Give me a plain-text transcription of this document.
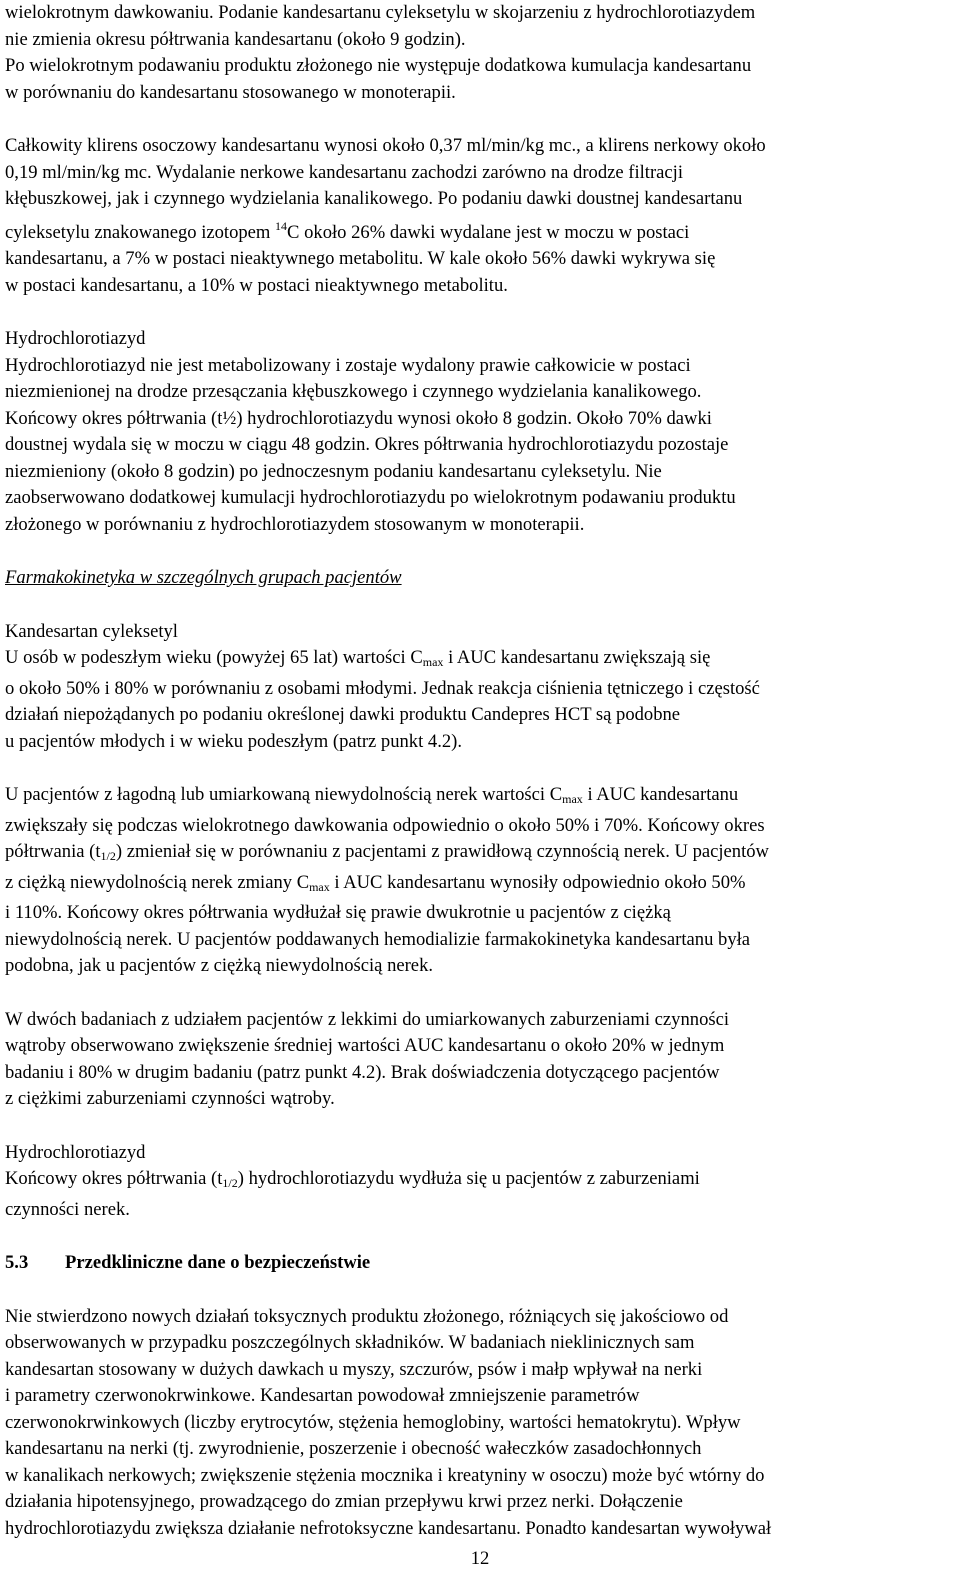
wielokrotnym dawkowaniu. Podanie kandesartanu cyleksetylu w skojarzeniu z hydrochlorotiazydem
nie zmienia okresu półtrwania kandesartanu (około 9 godzin).
Po wielokrotnym podawaniu produktu złożonego nie występuje dodatkowa kumulacja kandesartanu
w porównaniu do kandesartanu stosowanego w monoterapii.

Całkowity klirens osoczowy kandesartanu wynosi około 0,37 ml/min/kg mc., a klirens nerkowy około
0,19 ml/min/kg mc. Wydalanie nerkowe kandesartanu zachodzi zarówno na drodze filtracji
kłębuszkowej, jak i czynnego wydzielania kanalikowego. Po podaniu dawki doustnej kandesartanu
cyleksetylu znakowanego izotopem $^{14}$C około 26% dawki wydalane jest w moczu w postaci
kandesartanu, a 7% w postaci nieaktywnego metabolitu. W kale około 56% dawki wykrywa się
w postaci kandesartanu, a 10% w postaci nieaktywnego metabolitu.

Hydrochlorotiazyd
Hydrochlorotiazyd nie jest metabolizowany i zostaje wydalony prawie całkowicie w postaci
niezmienionej na drodze przesączania kłębuszkowego i czynnego wydzielania kanalikowego.
Końcowy okres półtrwania (t½) hydrochlorotiazydu wynosi około 8 godzin. Około 70% dawki
doustnej wydala się w moczu w ciągu 48 godzin. Okres półtrwania hydrochlorotiazydu pozostaje
niezmieniony (około 8 godzin) po jednoczesnym podaniu kandesartanu cyleksetylu. Nie
zaobserwowano dodatkowej kumulacji hydrochlorotiazydu po wielokrotnym podawaniu produktu
złożonego w porównaniu z hydrochlorotiazydem stosowanym w monoterapii.

Farmakokinetyka w szczególnych grupach pacjentów

Kandesartan cyleksetyl
U osób w podeszłym wieku (powyżej 65 lat) wartości $C_{max}$ i AUC kandesartanu zwiększają się
o około 50% i 80% w porównaniu z osobami młodymi. Jednak reakcja ciśnienia tętniczego i częstość
działań niepożądanych po podaniu określonej dawki produktu Candepres HCT są podobne
u pacjentów młodych i w wieku podeszłym (patrz punkt 4.2).

U pacjentów z łagodną lub umiarkowaną niewydolnością nerek wartości $C_{max}$ i AUC kandesartanu
zwiększały się podczas wielokrotnego dawkowania odpowiednio o około 50% i 70%. Końcowy okres
półtrwania $(t_{1/2})$ zmieniał się w porównaniu z pacjentami z prawidłową czynnością nerek. U pacjentów
z ciężką niewydolnością nerek zmiany $C_{max}$ i AUC kandesartanu wynosiły odpowiednio około 50%
i 110%. Końcowy okres półtrwania wydłużał się prawie dwukrotnie u pacjentów z ciężką
niewydolnością nerek. U pacjentów poddawanych hemodializie farmakokinetyka kandesartanu była
podobna, jak u pacjentów z ciężką niewydolnością nerek.

W dwóch badaniach z udziałem pacjentów z lekkimi do umiarkowanych zaburzeniami czynności
wątroby obserwowano zwiększenie średniej wartości AUC kandesartanu o około 20% w jednym
badaniu i 80% w drugim badaniu (patrz punkt 4.2). Brak doświadczenia dotyczącego pacjentów
z ciężkimi zaburzeniami czynności wątroby.

Hydrochlorotiazyd
Końcowy okres półtrwania $(t_{1/2})$ hydrochlorotiazydu wydłuża się u pacjentów z zaburzeniami
czynności nerek.

5.3 Przedkliniczne dane o bezpieczeństwie

Nie stwierdzono nowych działań toksycznych produktu złożonego, różniących się jakościowo od
obserwowanych w przypadku poszczególnych składników. W badaniach nieklinicznych sam
kandesartan stosowany w dużych dawkach u myszy, szczurów, psów i małp wpływał na nerki
i parametry czerwonokrwinkowe. Kandesartan powodował zmniejszenie parametrów
czerwonokrwinkowych (liczby erytrocytów, stężenia hemoglobiny, wartości hematokrytu). Wpływ
kandesartanu na nerki (tj. zwyrodnienie, poszerzenie i obecność wałeczków zasadochłonnych
w kanalikach nerkowych; zwiększenie stężenia mocznika i kreatyniny w osoczu) może być wtórny do
działania hipotensyjnego, prowadzącego do zmian przepływu krwi przez nerki. Dołączenie
hydrochlorotiazydu zwiększa działanie nefrotoksyczne kandesartanu. Ponadto kandesartan wywoływał

12
